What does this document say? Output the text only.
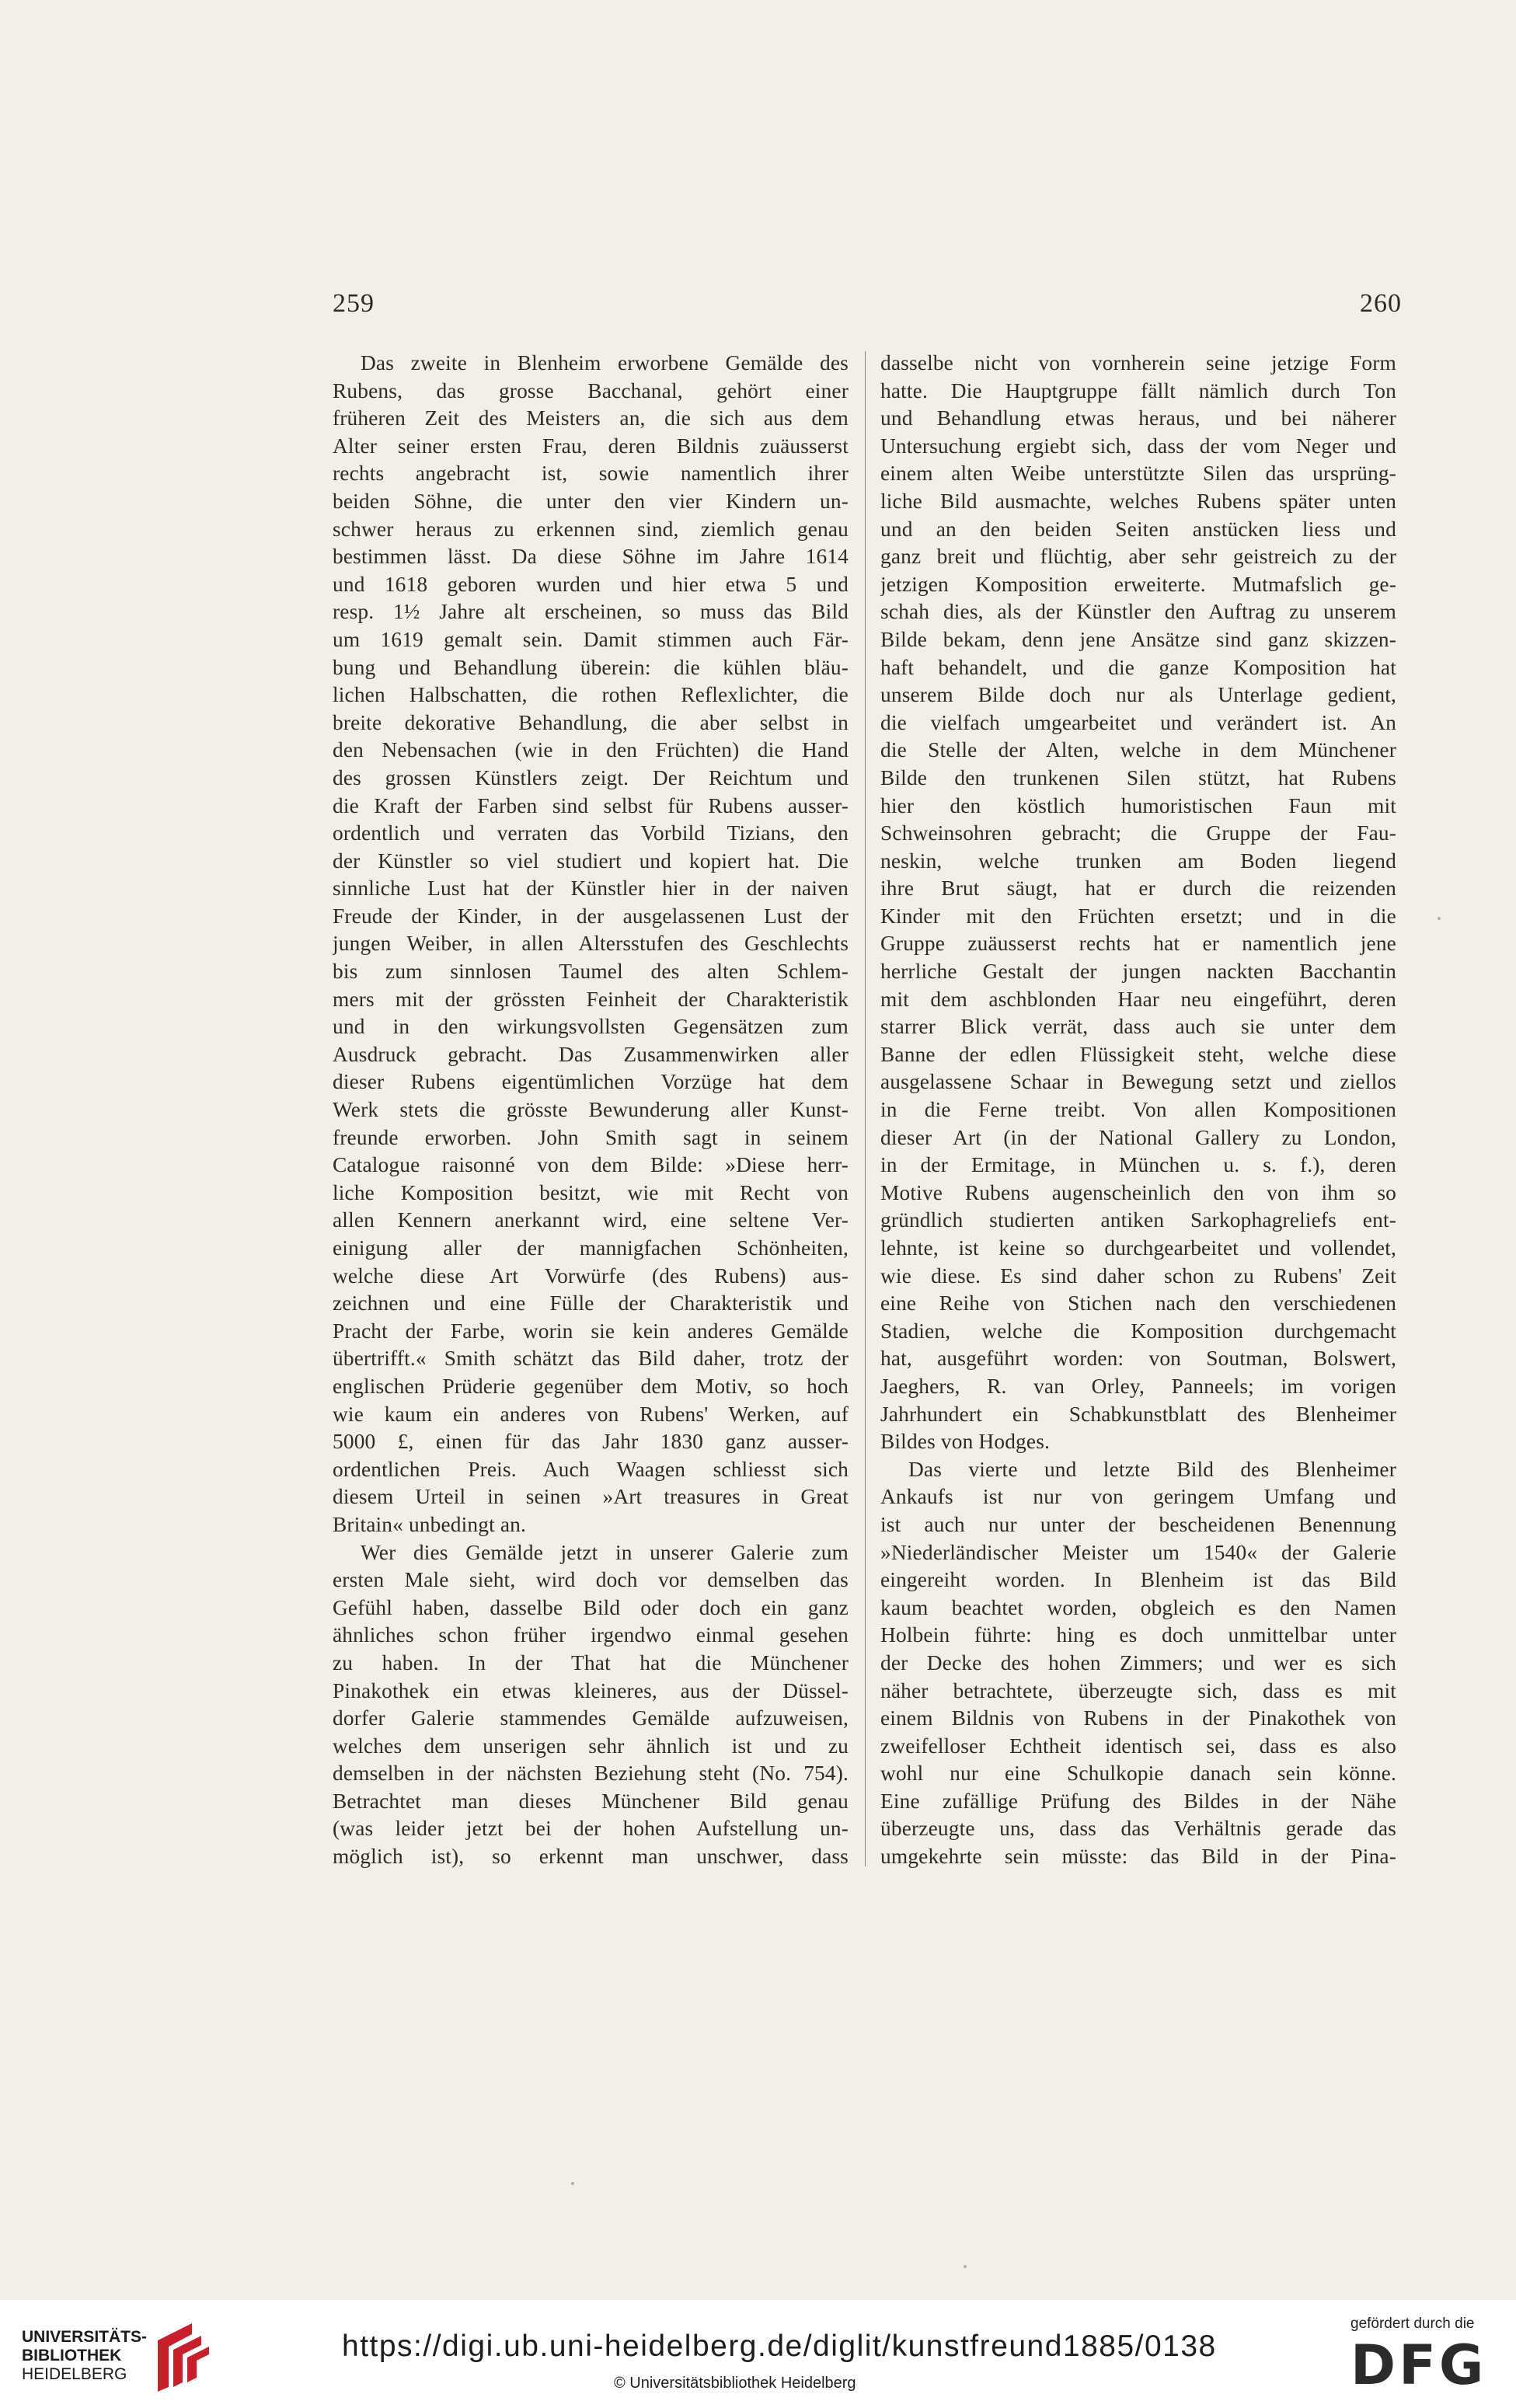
259	260
Das zweite in Blenheim erworbene Gemälde des
Rubens, das grosse Bacchanal, gehört einer
früheren Zeit des Meisters an, die sich aus dem
Alter seiner ersten Frau, deren Bildnis zuäusserst
rechts angebracht ist, sowie namentlich ihrer
beiden Söhne, die unter den vier Kindern un-
schwer heraus zu erkennen sind, ziemlich genau
bestimmen lässt. Da diese Söhne im Jahre 1614
und 1618 geboren wurden und hier etwa 5 und
resp. 1½ Jahre alt erscheinen, so muss das Bild
um 1619 gemalt sein. Damit stimmen auch Fär-
bung und Behandlung überein: die kühlen bläu-
lichen Halbschatten, die rothen Reflexlichter, die
breite dekorative Behandlung, die aber selbst in
den Nebensachen (wie in den Früchten) die Hand
des grossen Künstlers zeigt. Der Reichtum und
die Kraft der Farben sind selbst für Rubens ausser-
ordentlich und verraten das Vorbild Tizians, den
der Künstler so viel studiert und kopiert hat. Die
sinnliche Lust hat der Künstler hier in der naiven
Freude der Kinder, in der ausgelassenen Lust der
jungen Weiber, in allen Altersstufen des Geschlechts
bis zum sinnlosen Taumel des alten Schlem-
mers mit der grössten Feinheit der Charakteristik
und in den wirkungsvollsten Gegensätzen zum
Ausdruck gebracht. Das Zusammenwirken aller
dieser Rubens eigentümlichen Vorzüge hat dem
Werk stets die grösste Bewunderung aller Kunst-
freunde erworben. John Smith sagt in seinem
Catalogue raisonné von dem Bilde: »Diese herr-
liche Komposition besitzt, wie mit Recht von
allen Kennern anerkannt wird, eine seltene Ver-
einigung aller der mannigfachen Schönheiten,
welche diese Art Vorwürfe (des Rubens) aus-
zeichnen und eine Fülle der Charakteristik und
Pracht der Farbe, worin sie kein anderes Gemälde
übertrifft.« Smith schätzt das Bild daher, trotz der
englischen Prüderie gegenüber dem Motiv, so hoch
wie kaum ein anderes von Rubens' Werken, auf
5000 £, einen für das Jahr 1830 ganz ausser-
ordentlichen Preis. Auch Waagen schliesst sich
diesem Urteil in seinen »Art treasures in Great
Britain« unbedingt an.
Wer dies Gemälde jetzt in unserer Galerie zum
ersten Male sieht, wird doch vor demselben das
Gefühl haben, dasselbe Bild oder doch ein ganz
ähnliches schon früher irgendwo einmal gesehen
zu haben. In der That hat die Münchener
Pinakothek ein etwas kleineres, aus der Düssel-
dorfer Galerie stammendes Gemälde aufzuweisen,
welches dem unserigen sehr ähnlich ist und zu
demselben in der nächsten Beziehung steht (No. 754).
Betrachtet man dieses Münchener Bild genau
(was leider jetzt bei der hohen Aufstellung un-
möglich ist), so erkennt man unschwer, dass
dasselbe nicht von vornherein seine jetzige Form
hatte. Die Hauptgruppe fällt nämlich durch Ton
und Behandlung etwas heraus, und bei näherer
Untersuchung ergiebt sich, dass der vom Neger und
einem alten Weibe unterstützte Silen das ursprüng-
liche Bild ausmachte, welches Rubens später unten
und an den beiden Seiten anstücken liess und
ganz breit und flüchtig, aber sehr geistreich zu der
jetzigen Komposition erweiterte. Mutmafslich ge-
schah dies, als der Künstler den Auftrag zu unserem
Bilde bekam, denn jene Ansätze sind ganz skizzen-
haft behandelt, und die ganze Komposition hat
unserem Bilde doch nur als Unterlage gedient,
die vielfach umgearbeitet und verändert ist. An
die Stelle der Alten, welche in dem Münchener
Bilde den trunkenen Silen stützt, hat Rubens
hier den köstlich humoristischen Faun mit
Schweinsohren gebracht; die Gruppe der Fau-
neskin, welche trunken am Boden liegend
ihre Brut säugt, hat er durch die reizenden
Kinder mit den Früchten ersetzt; und in die
Gruppe zuäusserst rechts hat er namentlich jene
herrliche Gestalt der jungen nackten Bacchantin
mit dem aschblonden Haar neu eingeführt, deren
starrer Blick verrät, dass auch sie unter dem
Banne der edlen Flüssigkeit steht, welche diese
ausgelassene Schaar in Bewegung setzt und ziellos
in die Ferne treibt. Von allen Kompositionen
dieser Art (in der National Gallery zu London,
in der Ermitage, in München u. s. f.), deren
Motive Rubens augenscheinlich den von ihm so
gründlich studierten antiken Sarkophagreliefs ent-
lehnte, ist keine so durchgearbeitet und vollendet,
wie diese. Es sind daher schon zu Rubens' Zeit
eine Reihe von Stichen nach den verschiedenen
Stadien, welche die Komposition durchgemacht
hat, ausgeführt worden: von Soutman, Bolswert,
Jaeghers, R. van Orley, Panneels; im vorigen
Jahrhundert ein Schabkunstblatt des Blenheimer
Bildes von Hodges.
Das vierte und letzte Bild des Blenheimer
Ankaufs ist nur von geringem Umfang und
ist auch nur unter der bescheidenen Benennung
»Niederländischer Meister um 1540« der Galerie
eingereiht worden. In Blenheim ist das Bild
kaum beachtet worden, obgleich es den Namen
Holbein führte: hing es doch unmittelbar unter
der Decke des hohen Zimmers; und wer es sich
näher betrachtete, überzeugte sich, dass es mit
einem Bildnis von Rubens in der Pinakothek von
zweifelloser Echtheit identisch sei, dass es also
wohl nur eine Schulkopie danach sein könne.
Eine zufällige Prüfung des Bildes in der Nähe
überzeugte uns, dass das Verhältnis gerade das
umgekehrte sein müsste: das Bild in der Pina-
UNIVERSITÄTS-
BIBLIOTHEK
HEIDELBERG
https://digi.ub.uni-heidelberg.de/diglit/kunstfreund1885/0138
© Universitätsbibliothek Heidelberg
gefördert durch die
DFG
